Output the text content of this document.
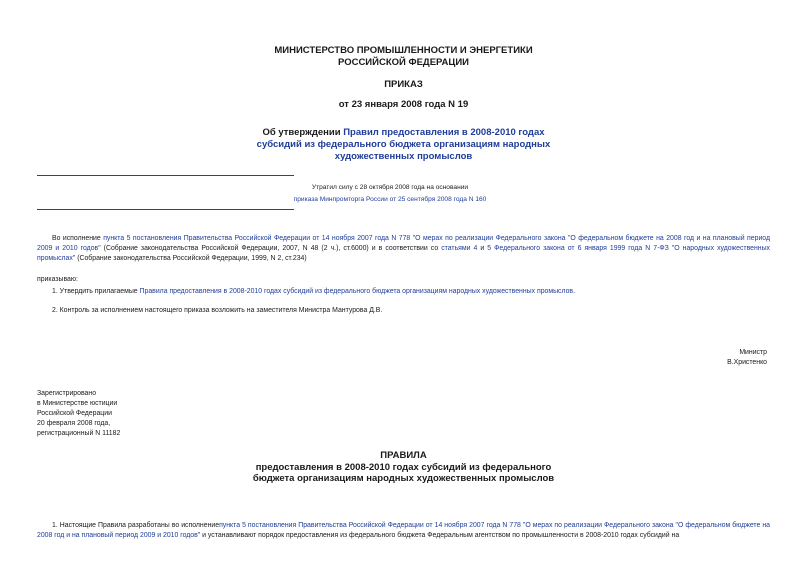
МИНИСТЕРСТВО ПРОМЫШЛЕННОСТИ И ЭНЕРГЕТИКИ

РОССИЙСКОЙ ФЕДЕРАЦИИ

ПРИКАЗ

от 23 января 2008 года N 19

Об утверждении Правил предоставления в 2008-2010 годах

субсидий из федерального бюджета организациям народных

художественных промыслов

Утратил силу с 28 октября 2008 года на основании
приказа Минпромторга России от 25 сентября 2008 года N 160

Во исполнение пункта 5 постановления Правительства Российской Федерации от 14 ноября 2007 года N 778 "О мерах по реализации Федерального закона "О федеральном бюджете на 2008 год и на плановый период 2009 и 2010 годов" (Собрание законодательства Российской Федерации, 2007, N 48 (2 ч.), ст.6000) и в соответствии со статьями 4 и 5 Федерального закона от 6 января 1999 года N 7-ФЗ "О народных художественных промыслах" (Собрание законодательства Российской Федерации, 1999, N 2, ст.234)

приказываю:

1. Утвердить прилагаемые Правила предоставления в 2008-2010 годах субсидий из федерального бюджета организациям народных художественных промыслов.

2. Контроль за исполнением настоящего приказа возложить на заместителя Министра Мантурова Д.В.

Министр
В.Христенко
Зарегистрировано
в Министерстве юстиции
Российской Федерации
20 февраля 2008 года,
регистрационный N 11182

ПРАВИЛА

предоставления в 2008-2010 годах субсидий из федерального

бюджета организациям народных художественных промыслов

1. Настоящие Правила разработаны во исполнениепункта 5 постановления Правительства Российской Федерации от 14 ноября 2007 года N 778 "О мерах по реализации Федерального закона "О федеральном бюджете на 2008 год и на плановый период 2009 и 2010 годов" и устанавливают порядок предоставления из федерального бюджета Федеральным агентством по промышленности в 2008-2010 годах субсидий на
